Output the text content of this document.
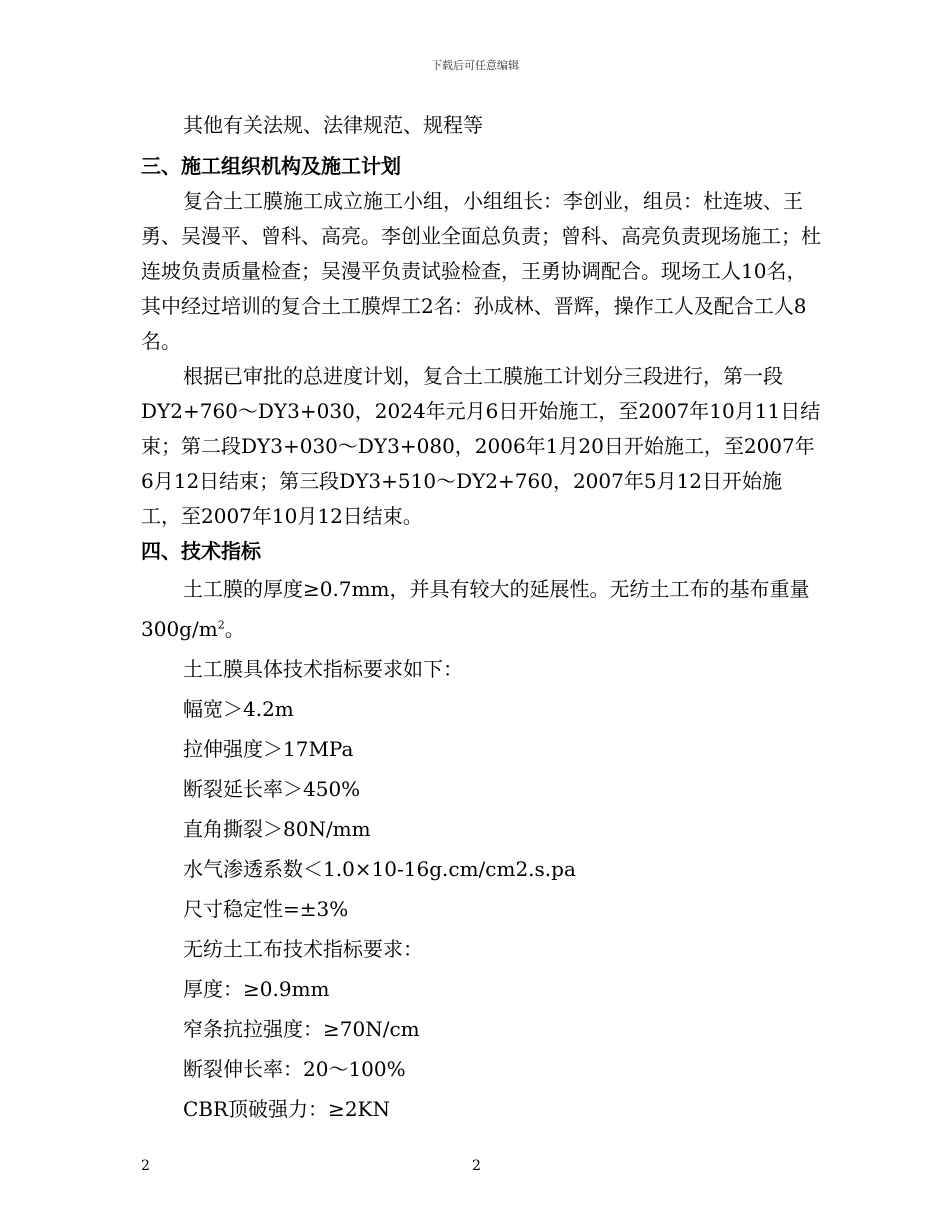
下载后可任意编辑

其他有关法规、法律规范、规程等

三、施工组织机构及施工计划

复合土工膜施工成立施工小组，小组组长：李创业，组员：杜连坡、王勇、吴漫平、曾科、高亮。李创业全面总负责；曾科、高亮负责现场施工；杜连坡负责质量检查；吴漫平负责试验检查，王勇协调配合。现场工人10名，其中经过培训的复合土工膜焊工2名：孙成林、晋辉，操作工人及配合工人8名。

根据已审批的总进度计划，复合土工膜施工计划分三段进行，第一段DY2+760～DY3+030，2024年元月6日开始施工，至2007年10月11日结束；第二段DY3+030～DY3+080，2006年1月20日开始施工，至2007年6月12日结束；第三段DY3+510～DY2+760，2007年5月12日开始施工，至2007年10月12日结束。

四、技术指标

土工膜的厚度≥0.7mm，并具有较大的延展性。无纺土工布的基布重量$300g/m^2$。

土工膜具体技术指标要求如下：

幅宽＞4.2m

拉伸强度＞17MPa

断裂延长率＞450%

直角撕裂＞80N/mm

水气渗透系数＜1.0×10-16g.cm/cm2.s.pa

尺寸稳定性=±3%

无纺土工布技术指标要求：

厚度：≥0.9mm

窄条抗拉强度：≥70N/cm

断裂伸长率：20～100%

CBR顶破强力：≥2KN

2	2
